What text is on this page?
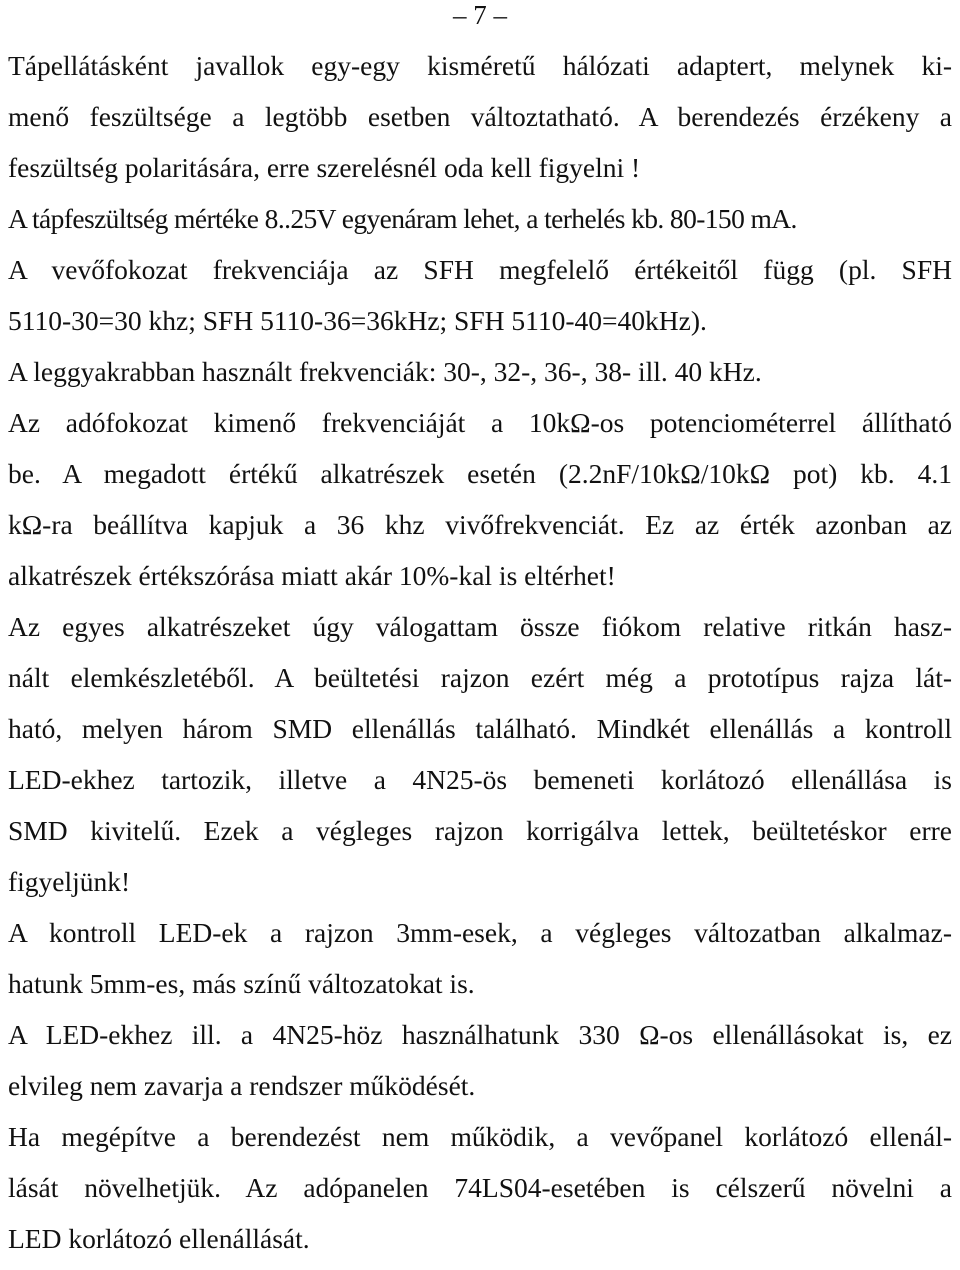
– 7 –
Tápellátásként javallok egy-egy kisméretű hálózati adaptert, melynek ki-
menő feszültsége a legtöbb esetben változtatható. A berendezés érzékeny a
feszültség polaritására, erre szerelésnél oda kell figyelni !
A tápfeszültség mértéke 8..25V egyenáram lehet, a terhelés kb. 80-150 mA.
A vevőfokozat frekvenciája az SFH megfelelő értékeitől függ (pl. SFH
5110-30=30 khz; SFH 5110-36=36kHz; SFH 5110-40=40kHz).
A leggyakrabban használt frekvenciák: 30-, 32-, 36-, 38- ill. 40 kHz.
Az adófokozat kimenő frekvenciáját a 10kΩ-os potenciométerrel állítható
be. A megadott értékű alkatrészek esetén (2.2nF/10kΩ/10kΩ pot) kb. 4.1
kΩ-ra beállítva kapjuk a 36 khz vivőfrekvenciát. Ez az érték azonban az
alkatrészek értékszórása miatt akár 10%-kal is eltérhet!
Az egyes alkatrészeket úgy válogattam össze fiókom relative ritkán hasz-
nált elemkészletéből. A beültetési rajzon ezért még a prototípus rajza lát-
ható, melyen három SMD ellenállás található. Mindkét ellenállás a kontroll
LED-ekhez tartozik, illetve a 4N25-ös bemeneti korlátozó ellenállása is
SMD kivitelű. Ezek a végleges rajzon korrigálva lettek, beültetéskor erre
figyeljünk!
A kontroll LED-ek a rajzon 3mm-esek, a végleges változatban alkalmaz-
hatunk 5mm-es, más színű változatokat is.
A LED-ekhez ill. a 4N25-höz használhatunk 330 Ω-os ellenállásokat is, ez
elvileg nem zavarja a rendszer működését.
Ha megépítve a berendezést nem működik, a vevőpanel korlátozó ellenál-
lását növelhetjük. Az adópanelen 74LS04-esetében is célszerű növelni a
LED korlátozó ellenállását.
